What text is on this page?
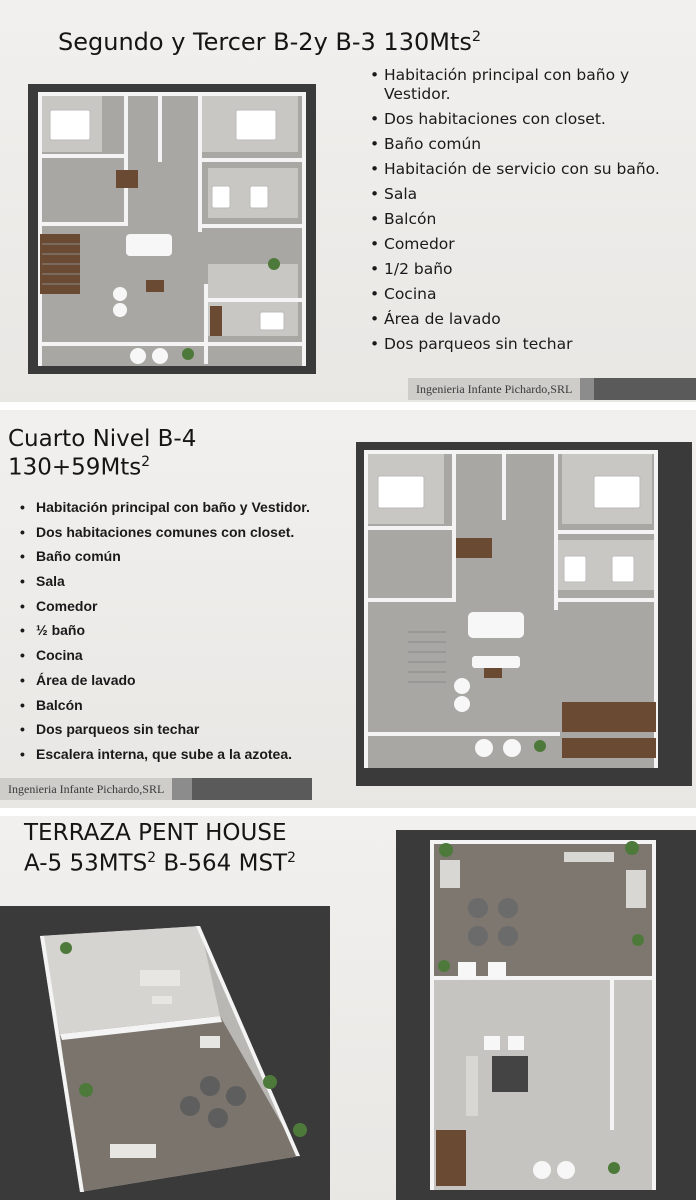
Segundo y Tercer B-2y B-3 130Mts$^2$
• Habitación principal con baño y Vestidor.
• Dos habitaciones con closet.
• Baño común
• Habitación de servicio con su baño.
• Sala
• Balcón
• Comedor
• 1/2 baño
• Cocina
• Área de lavado
• Dos parqueos sin techar
Ingenieria Infante Pichardo,SRL
Cuarto Nivel B-4
130+59Mts$^2$
• Habitación principal con baño y Vestidor.
• Dos habitaciones comunes con closet.
• Baño común
• Sala
• Comedor
• ½ baño
• Cocina
• Área de lavado
• Balcón
• Dos parqueos sin techar
• Escalera interna, que sube a la azotea.
Ingenieria Infante Pichardo,SRL
TERRAZA PENT HOUSE
A-5 53MTS$^2$ B-564 MST$^2$
